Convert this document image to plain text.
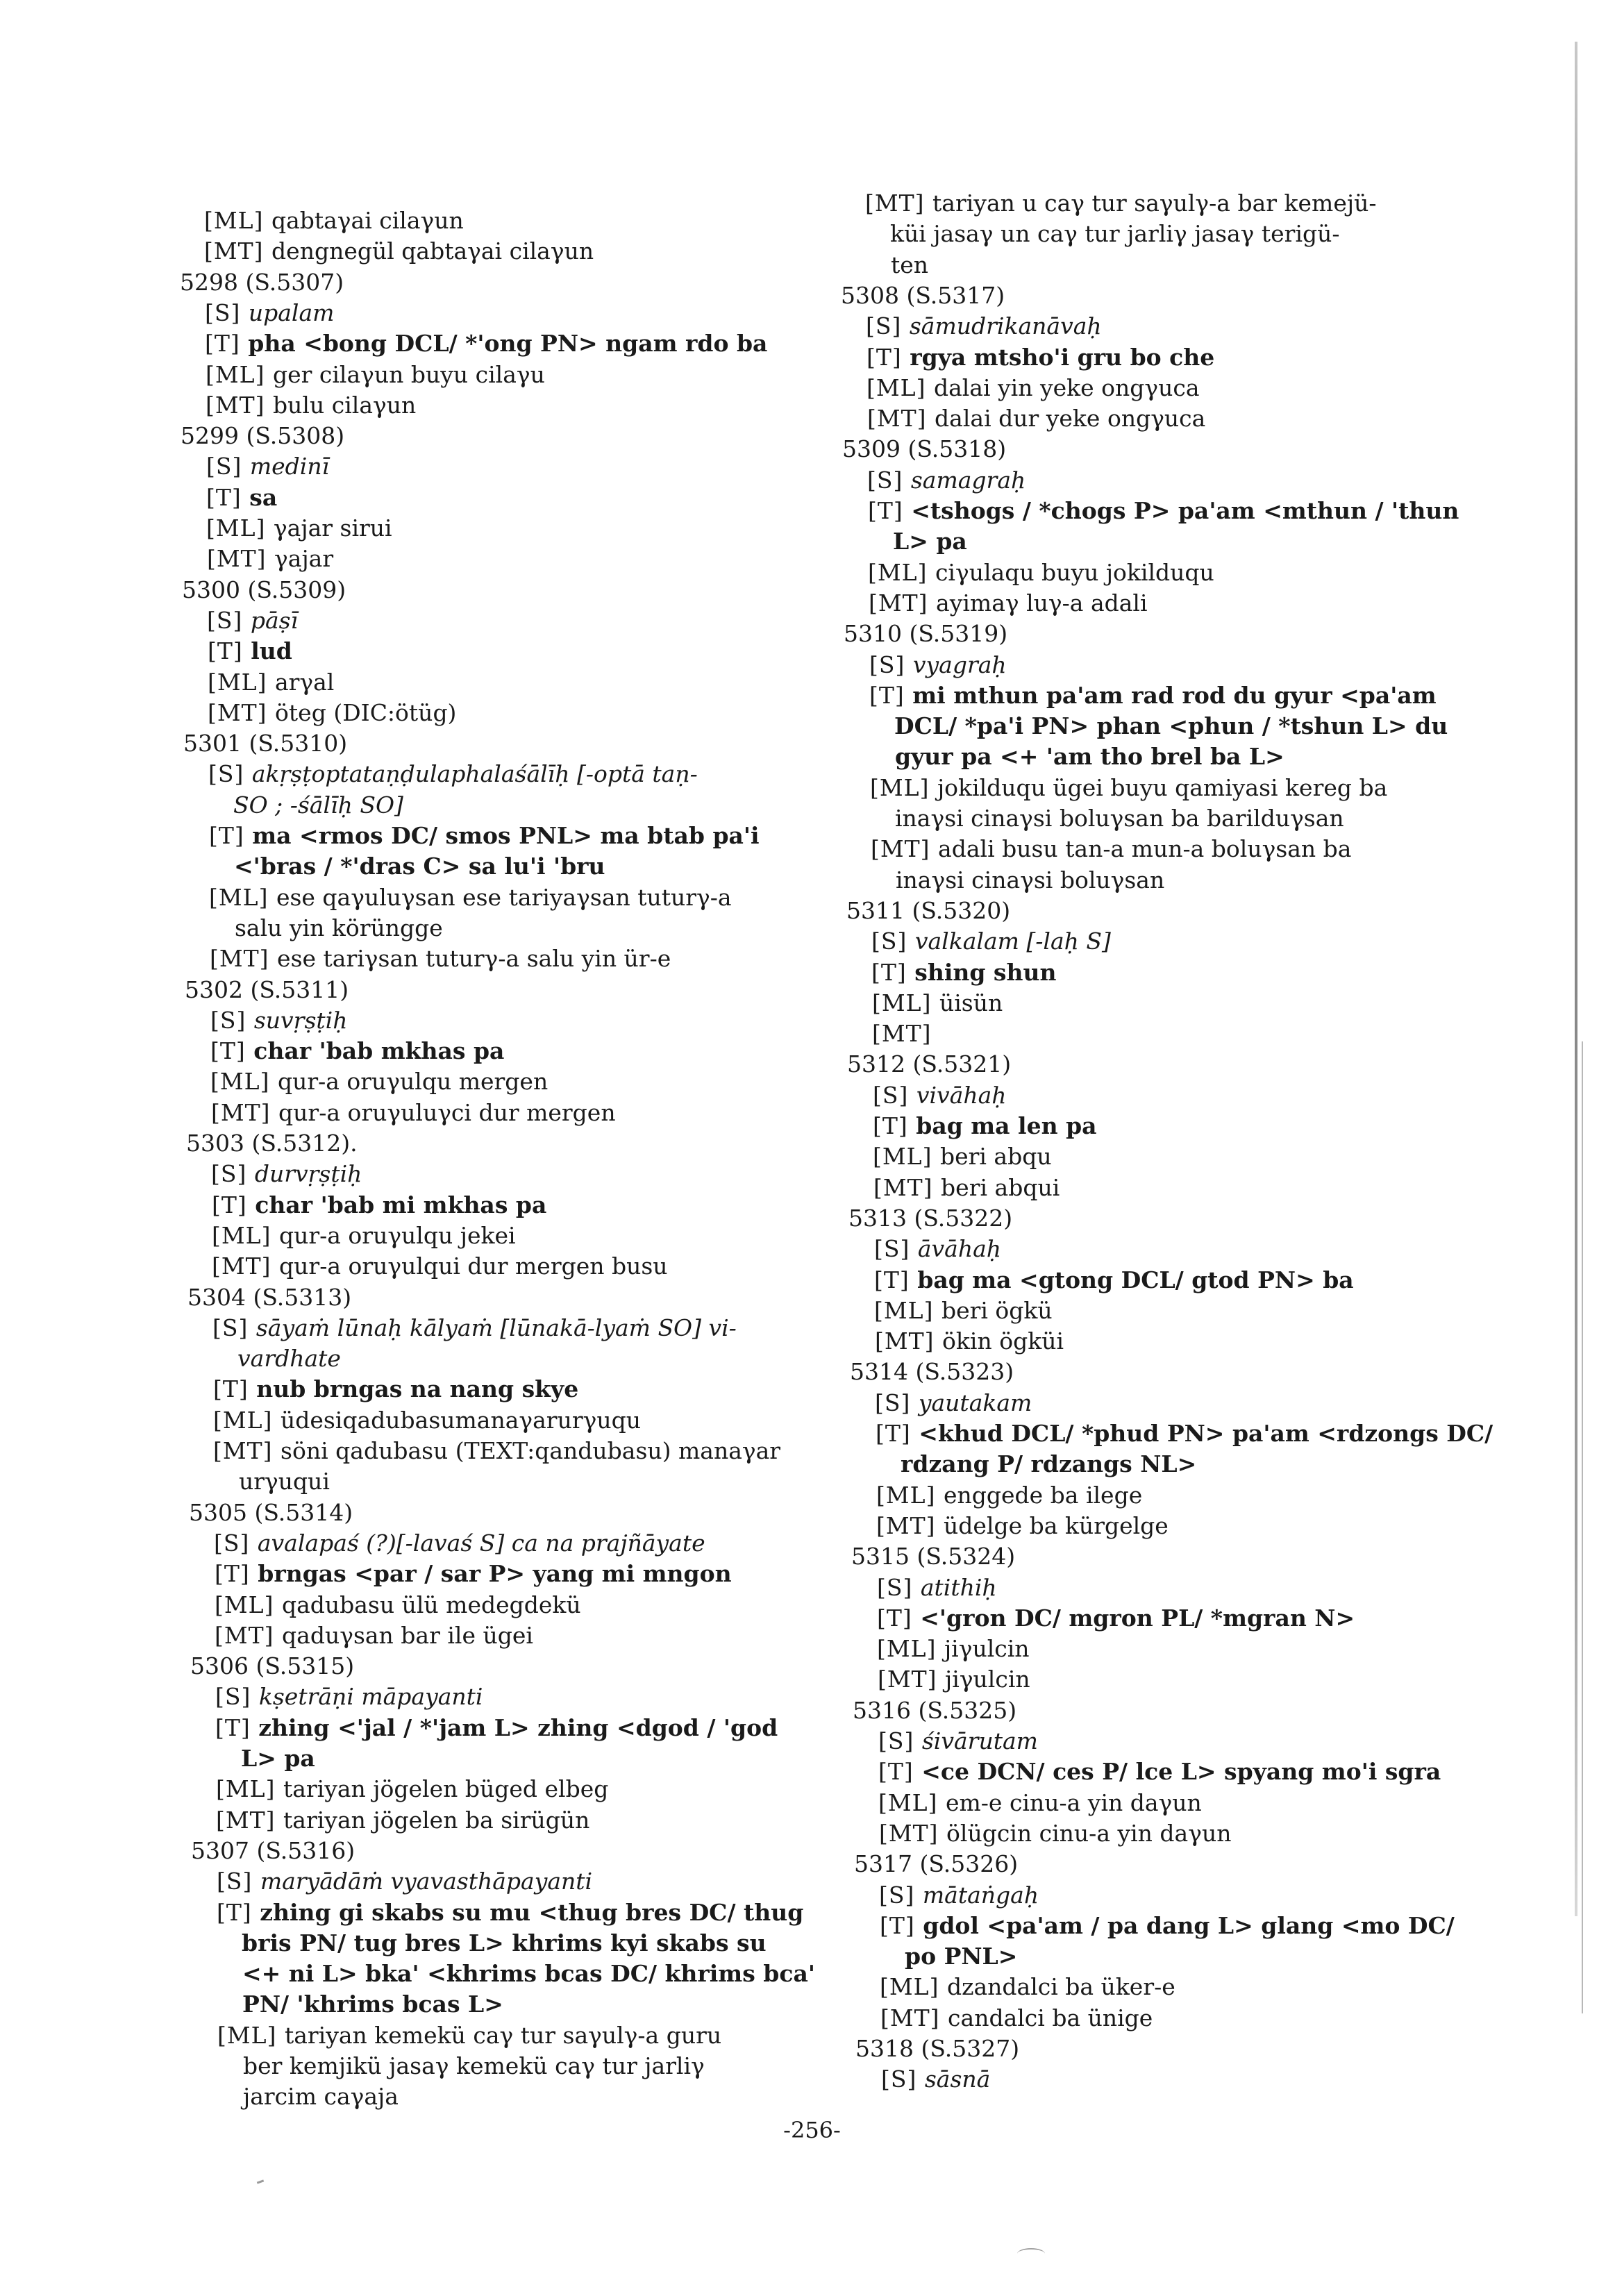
[ML] qabtaγai cilaγun
[MT] dengnegül qabtaγai cilaγun
5298 (S.5307)
[S] upalam
[T] pha <bong DCL/ *'ong PN> ngam rdo ba
[ML] ger cilaγun buyu cilaγu
[MT] bulu cilaγun
5299 (S.5308)
[S] medinī
[T] sa
[ML] γajar sirui
[MT] γajar
5300 (S.5309)
[S] pāṣī
[T] lud
[ML] arγal
[MT] öteg (DIC:ötüg)
5301 (S.5310)
[S] akṛṣṭoptataṇḍulaphalaśālīḥ [-optā taṇ-
SO ; -śālīḥ SO]
[T] ma <rmos DC/ smos PNL> ma btab pa'i
<'bras / *'dras C> sa lu'i 'bru
[ML] ese qaγuluγsan ese tariyaγsan tuturγ-a
salu yin körüngge
[MT] ese tariγsan tuturγ-a salu yin ür-e
5302 (S.5311)
[S] suvṛṣṭiḥ
[T] char 'bab mkhas pa
[ML] qur-a oruγulqu mergen
[MT] qur-a oruγuluγci dur mergen
5303 (S.5312).
[S] durvṛṣṭiḥ
[T] char 'bab mi mkhas pa
[ML] qur-a oruγulqu jekei
[MT] qur-a oruγulqui dur mergen busu
5304 (S.5313)
[S] sāyaṁ lūnaḥ kālyaṁ [lūnakā-lyaṁ SO] vi-
vardhate
[T] nub brngas na nang skye
[ML] üdesiqadubasumanaγarurγuqu
[MT] söni qadubasu (TEXT:qandubasu) manaγar
urγuqui
5305 (S.5314)
[S] avalapaś (?)[-lavaś S] ca na prajñāyate
[T] brngas <par / sar P> yang mi mngon
[ML] qadubasu ülü medegdekü
[MT] qaduγsan bar ile ügei
5306 (S.5315)
[S] kṣetrāṇi māpayanti
[T] zhing <'jal / *'jam L> zhing <dgod / 'god
L> pa
[ML] tariyan jögelen büged elbeg
[MT] tariyan jögelen ba sirügün
5307 (S.5316)
[S] maryādāṁ vyavasthāpayanti
[T] zhing gi skabs su mu <thug bres DC/ thug
bris PN/ tug bres L> khrims kyi skabs su
<+ ni L> bka' <khrims bcas DC/ khrims bca'
PN/ 'khrims bcas L>
[ML] tariyan kemekü caγ tur saγulγ-a guru
ber kemjikü jasaγ kemekü caγ tur jarliγ
jarcim caγaja
[MT] tariyan u caγ tur saγulγ-a bar kemejü-
küi jasaγ un caγ tur jarliγ jasaγ terigü-
ten
5308 (S.5317)
[S] sāmudrikanāvaḥ
[T] rgya mtsho'i gru bo che
[ML] dalai yin yeke ongγuca
[MT] dalai dur yeke ongγuca
5309 (S.5318)
[S] samagraḥ
[T] <tshogs / *chogs P> pa'am <mthun / 'thun
L> pa
[ML] ciγulaqu buyu jokilduqu
[MT] ayimaγ luγ-a adali
5310 (S.5319)
[S] vyagraḥ
[T] mi mthun pa'am rad rod du gyur <pa'am
DCL/ *pa'i PN> phan <phun / *tshun L> du
gyur pa <+ 'am tho brel ba L>
[ML] jokilduqu ügei buyu qamiyasi kereg ba
inaγsi cinaγsi boluγsan ba barilduγsan
[MT] adali busu tan-a mun-a boluγsan ba
inaγsi cinaγsi boluγsan
5311 (S.5320)
[S] valkalam [-laḥ S]
[T] shing shun
[ML] üisün
[MT]
5312 (S.5321)
[S] vivāhaḥ
[T] bag ma len pa
[ML] beri abqu
[MT] beri abqui
5313 (S.5322)
[S] āvāhaḥ
[T] bag ma <gtong DCL/ gtod PN> ba
[ML] beri ögkü
[MT] ökin ögküi
5314 (S.5323)
[S] yautakam
[T] <khud DCL/ *phud PN> pa'am <rdzongs DC/
rdzang P/ rdzangs NL>
[ML] enggede ba ilege
[MT] üdelge ba kürgelge
5315 (S.5324)
[S] atithiḥ
[T] <'gron DC/ mgron PL/ *mgran N>
[ML] jiγulcin
[MT] jiγulcin
5316 (S.5325)
[S] śivārutam
[T] <ce DCN/ ces P/ lce L> spyang mo'i sgra
[ML] em-e cinu-a yin daγun
[MT] ölügcin cinu-a yin daγun
5317 (S.5326)
[S] mātaṅgaḥ
[T] gdol <pa'am / pa dang L> glang <mo DC/
po PNL>
[ML] dzandalci ba üker-e
[MT] candalci ba ünige
5318 (S.5327)
[S] sāsnā
-256-
